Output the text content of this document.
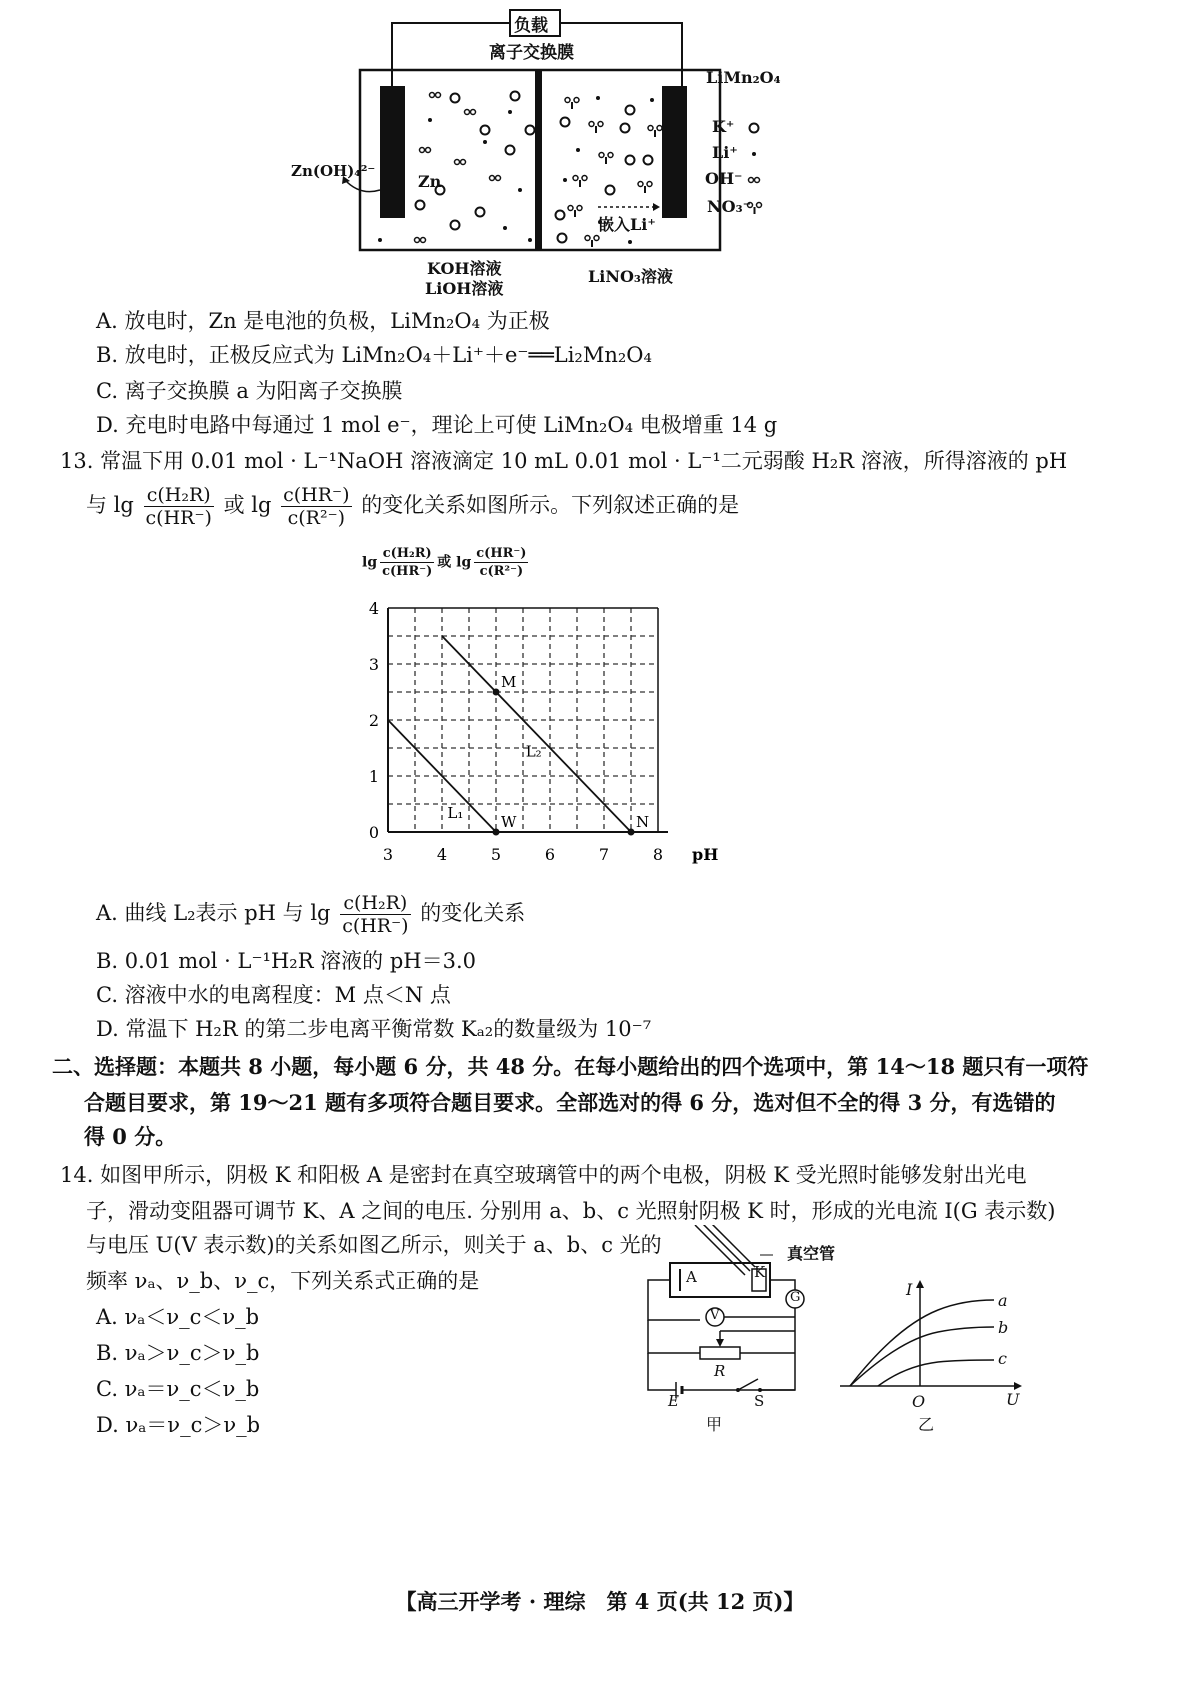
负载
离子交换膜
LiMn₂O₄
Zn
Zn(OH)₄²⁻
嵌入Li⁺
KOH溶液
LiOH溶液
LiNO₃溶液
K⁺
Li⁺
OH⁻
NO₃⁻
A. 放电时，Zn 是电池的负极，LiMn₂O₄ 为正极
B. 放电时，正极反应式为 LiMn₂O₄＋Li⁺＋e⁻══Li₂Mn₂O₄
C. 离子交换膜 a 为阳离子交换膜
D. 充电时电路中每通过 1 mol e⁻，理论上可使 LiMn₂O₄ 电极增重 14 g
13. 常温下用 0.01 mol · L⁻¹NaOH 溶液滴定 10 mL 0.01 mol · L⁻¹二元弱酸 H₂R 溶液，所得溶液的 pH
与 $\lg \frac{\text{c(H₂R)}}{c(HR^-)}$ 或 $\lg \frac{c(HR^-)}{\text{c(R²⁻)}}$ 的变化关系如图所示。下列叙述正确的是
$\lg \frac{\text{c(H₂R)}}{c(HR^-)}$ 或 $\lg \frac{c(HR^-)}{\text{c(R²⁻)}}$
3	4	5	6	7	8
0
1
2
3
4
pH
L₁
L₂
M
W	N
A. 曲线 L₂表示 pH 与 $\lg \frac{\text{c(H₂R)}}{c(HR^-)}$ 的变化关系
B. 0.01 mol · L⁻¹H₂R 溶液的 pH＝3.0
C. 溶液中水的电离程度：M 点＜N 点
D. 常温下 H₂R 的第二步电离平衡常数 Kₐ₂的数量级为 10⁻⁷
二、选择题：本题共 8 小题，每小题 6 分，共 48 分。在每小题给出的四个选项中，第 14～18 题只有一项符
合题目要求，第 19～21 题有多项符合题目要求。全部选对的得 6 分，选对但不全的得 3 分，有选错的
得 0 分。
14. 如图甲所示，阴极 K 和阳极 A 是密封在真空玻璃管中的两个电极，阴极 K 受光照时能够发射出光电
子，滑动变阻器可调节 K、A 之间的电压. 分别用 a、b、c 光照射阴极 K 时，形成的光电流 I(G 表示数)
与电压 U(V 表示数)的关系如图乙所示，则关于 a、b、c 光的
频率 νₐ、ν_b、ν_c，下列关系式正确的是
A. νₐ＜ν_c＜ν_b
B. νₐ＞ν_c＞ν_b
C. νₐ＝ν_c＜ν_b
D. νₐ＝ν_c＞ν_b
真空管
A	K
G
V
R
E	S
甲
I
a
b
c
O	U
乙
【高三开学考 · 理综　第 4 页(共 12 页)】
